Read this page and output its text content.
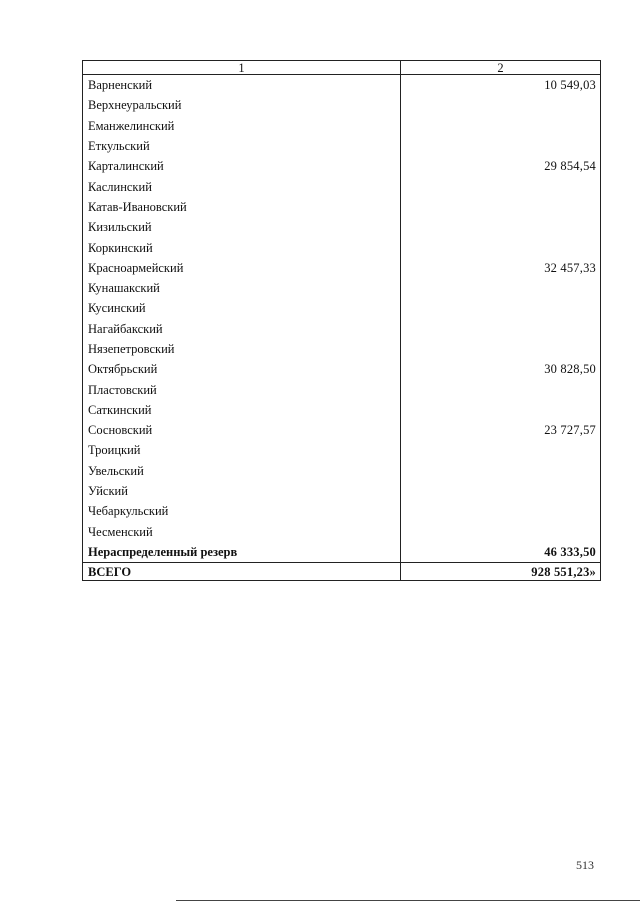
1	2
Варненский	10 549,03
Верхнеуральский	
Еманжелинский	
Еткульский	
Карталинский	29 854,54
Каслинский	
Катав-Ивановский	
Кизильский	
Коркинский	
Красноармейский	32 457,33
Кунашакский	
Кусинский	
Нагайбакский	
Нязепетровский	
Октябрьский	30 828,50
Пластовский	
Саткинский	
Сосновский	23 727,57
Троицкий	
Увельский	
Уйский	
Чебаркульский	
Чесменский	
Нераспределенный резерв	46 333,50
ВСЕГО	928 551,23»
513
